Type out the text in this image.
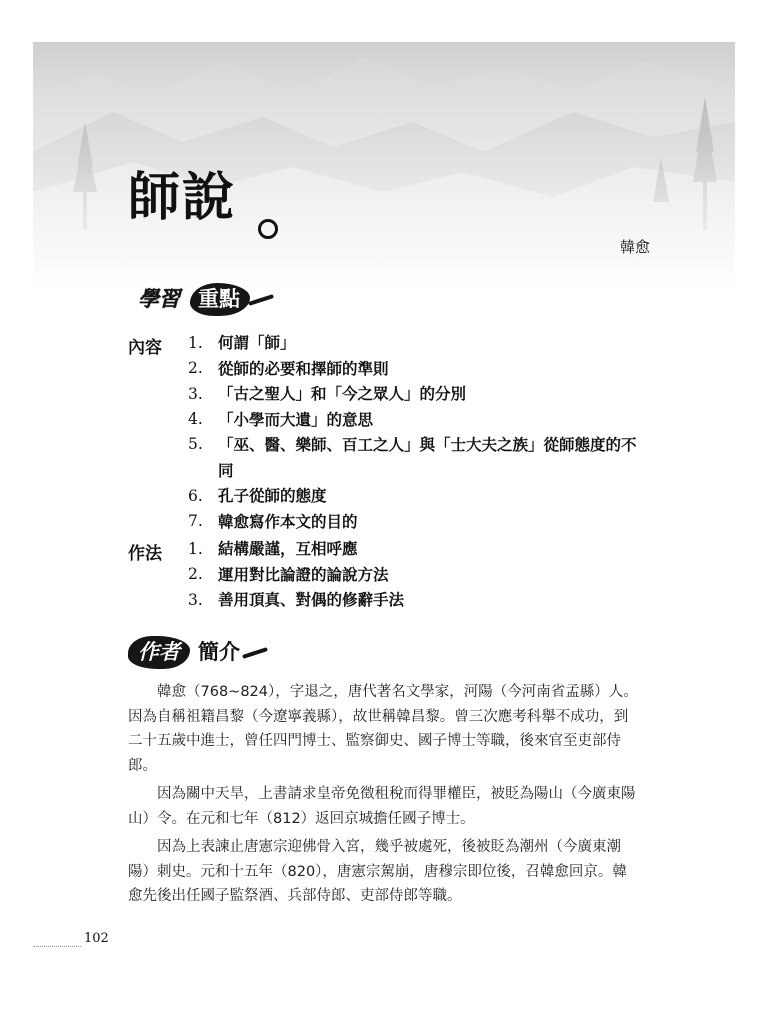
師說
韓愈
學習 重點
內容 1. 何謂「師」
2. 從師的必要和擇師的準則
3. 「古之聖人」和「今之眾人」的分別
4. 「小學而大遺」的意思
5. 「巫、醫、樂師、百工之人」與「士大夫之族」從師態度的不同
6. 孔子從師的態度
7. 韓愈寫作本文的目的
作法 1. 結構嚴謹，互相呼應
2. 運用對比論證的論說方法
3. 善用頂真、對偶的修辭手法
作者 簡介

韓愈（768~824），字退之，唐代著名文學家，河陽（今河南省孟縣）人。因為自稱祖籍昌黎（今遼寧義縣），故世稱韓昌黎。曾三次應考科舉不成功，到二十五歲中進士，曾任四門博士、監察御史、國子博士等職，後來官至吏部侍郎。

因為關中天旱，上書請求皇帝免徵租稅而得罪權臣，被貶為陽山（今廣東陽山）令。在元和七年（812）返回京城擔任國子博士。

因為上表諫止唐憲宗迎佛骨入宮，幾乎被處死，後被貶為潮州（今廣東潮陽）刺史。元和十五年（820），唐憲宗駕崩，唐穆宗即位後，召韓愈回京。韓愈先後出任國子監祭酒、兵部侍郎、吏部侍郎等職。

102
